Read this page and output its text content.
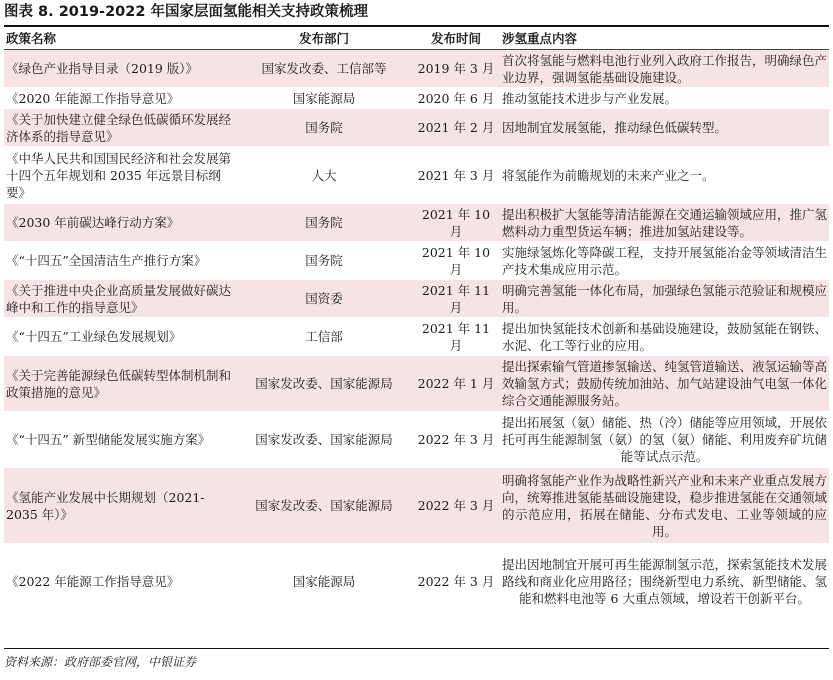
图表 8. 2019-2022 年国家层面氢能相关支持政策梳理
政策名称	发布部门	发布时间	涉氢重点内容
《绿色产业指导目录（2019 版）》	国家发改委、工信部等	2019 年 3 月	首次将氢能与燃料电池行业列入政府工作报告，明确绿色产业边界，强调氢能基础设施建设。
《2020 年能源工作指导意见》	国家能源局	2020 年 6 月	推动氢能技术进步与产业发展。
《关于加快建立健全绿色低碳循环发展经济体系的指导意见》	国务院	2021 年 2 月	因地制宜发展氢能，推动绿色低碳转型。
《中华人民共和国国民经济和社会发展第十四个五年规划和 2035 年远景目标纲要》	人大	2021 年 3 月	将氢能作为前瞻规划的未来产业之一。
《2030 年前碳达峰行动方案》	国务院	2021 年 10 月	提出积极扩大氢能等清洁能源在交通运输领域应用，推广氢燃料动力重型货运车辆；推进加氢站建设等。
《“十四五”全国清洁生产推行方案》	国务院	2021 年 10 月	实施绿氢炼化等降碳工程，支持开展氢能冶金等领域清洁生产技术集成应用示范。
《关于推进中央企业高质量发展做好碳达峰中和工作的指导意见》	国资委	2021 年 11 月	明确完善氢能一体化布局，加强绿色氢能示范验证和规模应用。
《“十四五”工业绿色发展规划》	工信部	2021 年 11 月	提出加快氢能技术创新和基础设施建设，鼓励氢能在钢铁、水泥、化工等行业的应用。
《关于完善能源绿色低碳转型体制机制和政策措施的意见》	国家发改委、国家能源局	2022 年 1 月	提出探索输气管道掺氢输送、纯氢管道输送、液氢运输等高效输氢方式；鼓励传统加油站、加气站建设油气电氢一体化综合交通能源服务站。
《“十四五” 新型储能发展实施方案》	国家发改委、国家能源局	2022 年 3 月	提出拓展氢（氨）储能、热（冷）储能等应用领域，开展依托可再生能源制氢（氨）的氢（氨）储能、利用废弃矿坑储能等试点示范。
《氢能产业发展中长期规划（2021-2035 年）》	国家发改委、国家能源局	2022 年 3 月	明确将氢能产业作为战略性新兴产业和未来产业重点发展方向，统筹推进氢能基础设施建设，稳步推进氢能在交通领域的示范应用，拓展在储能、分布式发电、工业等领域的应用。
《2022 年能源工作指导意见》	国家能源局	2022 年 3 月	提出因地制宜开展可再生能源制氢示范，探索氢能技术发展路线和商业化应用路径；围绕新型电力系统、新型储能、氢能和燃料电池等 6 大重点领域，增设若干创新平台。
资料来源：政府部委官网，中银证券
